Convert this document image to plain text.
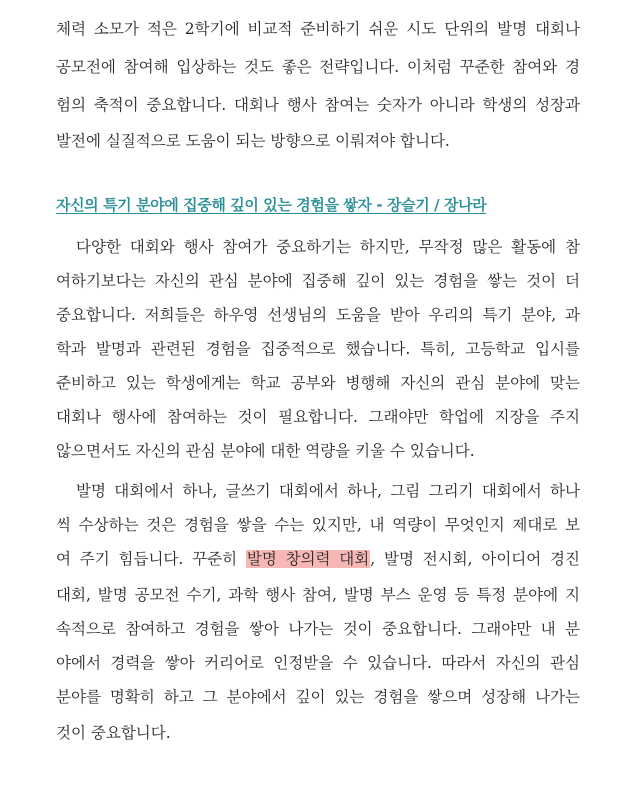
체력 소모가 적은 2학기에 비교적 준비하기 쉬운 시도 단위의 발명 대회나

공모전에 참여해 입상하는 것도 좋은 전략입니다. 이처럼 꾸준한 참여와 경

험의 축적이 중요합니다. 대회나 행사 참여는 숫자가 아니라 학생의 성장과

발전에 실질적으로 도움이 되는 방향으로 이뤄져야 합니다.

자신의 특기 분야에 집중해 깊이 있는 경험을 쌓자 - 장슬기 / 장나라

다양한 대회와 행사 참여가 중요하기는 하지만, 무작정 많은 활동에 참

여하기보다는 자신의 관심 분야에 집중해 깊이 있는 경험을 쌓는 것이 더

중요합니다. 저희들은 하우영 선생님의 도움을 받아 우리의 특기 분야, 과

학과 발명과 관련된 경험을 집중적으로 했습니다. 특히, 고등학교 입시를

준비하고 있는 학생에게는 학교 공부와 병행해 자신의 관심 분야에 맞는

대회나 행사에 참여하는 것이 필요합니다. 그래야만 학업에 지장을 주지

않으면서도 자신의 관심 분야에 대한 역량을 키울 수 있습니다.

발명 대회에서 하나, 글쓰기 대회에서 하나, 그림 그리기 대회에서 하나

씩 수상하는 것은 경험을 쌓을 수는 있지만, 내 역량이 무엇인지 제대로 보

여 주기 힘듭니다. 꾸준히 발명 창의력 대회, 발명 전시회, 아이디어 경진

대회, 발명 공모전 수기, 과학 행사 참여, 발명 부스 운영 등 특정 분야에 지

속적으로 참여하고 경험을 쌓아 나가는 것이 중요합니다. 그래야만 내 분

야에서 경력을 쌓아 커리어로 인정받을 수 있습니다. 따라서 자신의 관심

분야를 명확히 하고 그 분야에서 깊이 있는 경험을 쌓으며 성장해 나가는

것이 중요합니다.
